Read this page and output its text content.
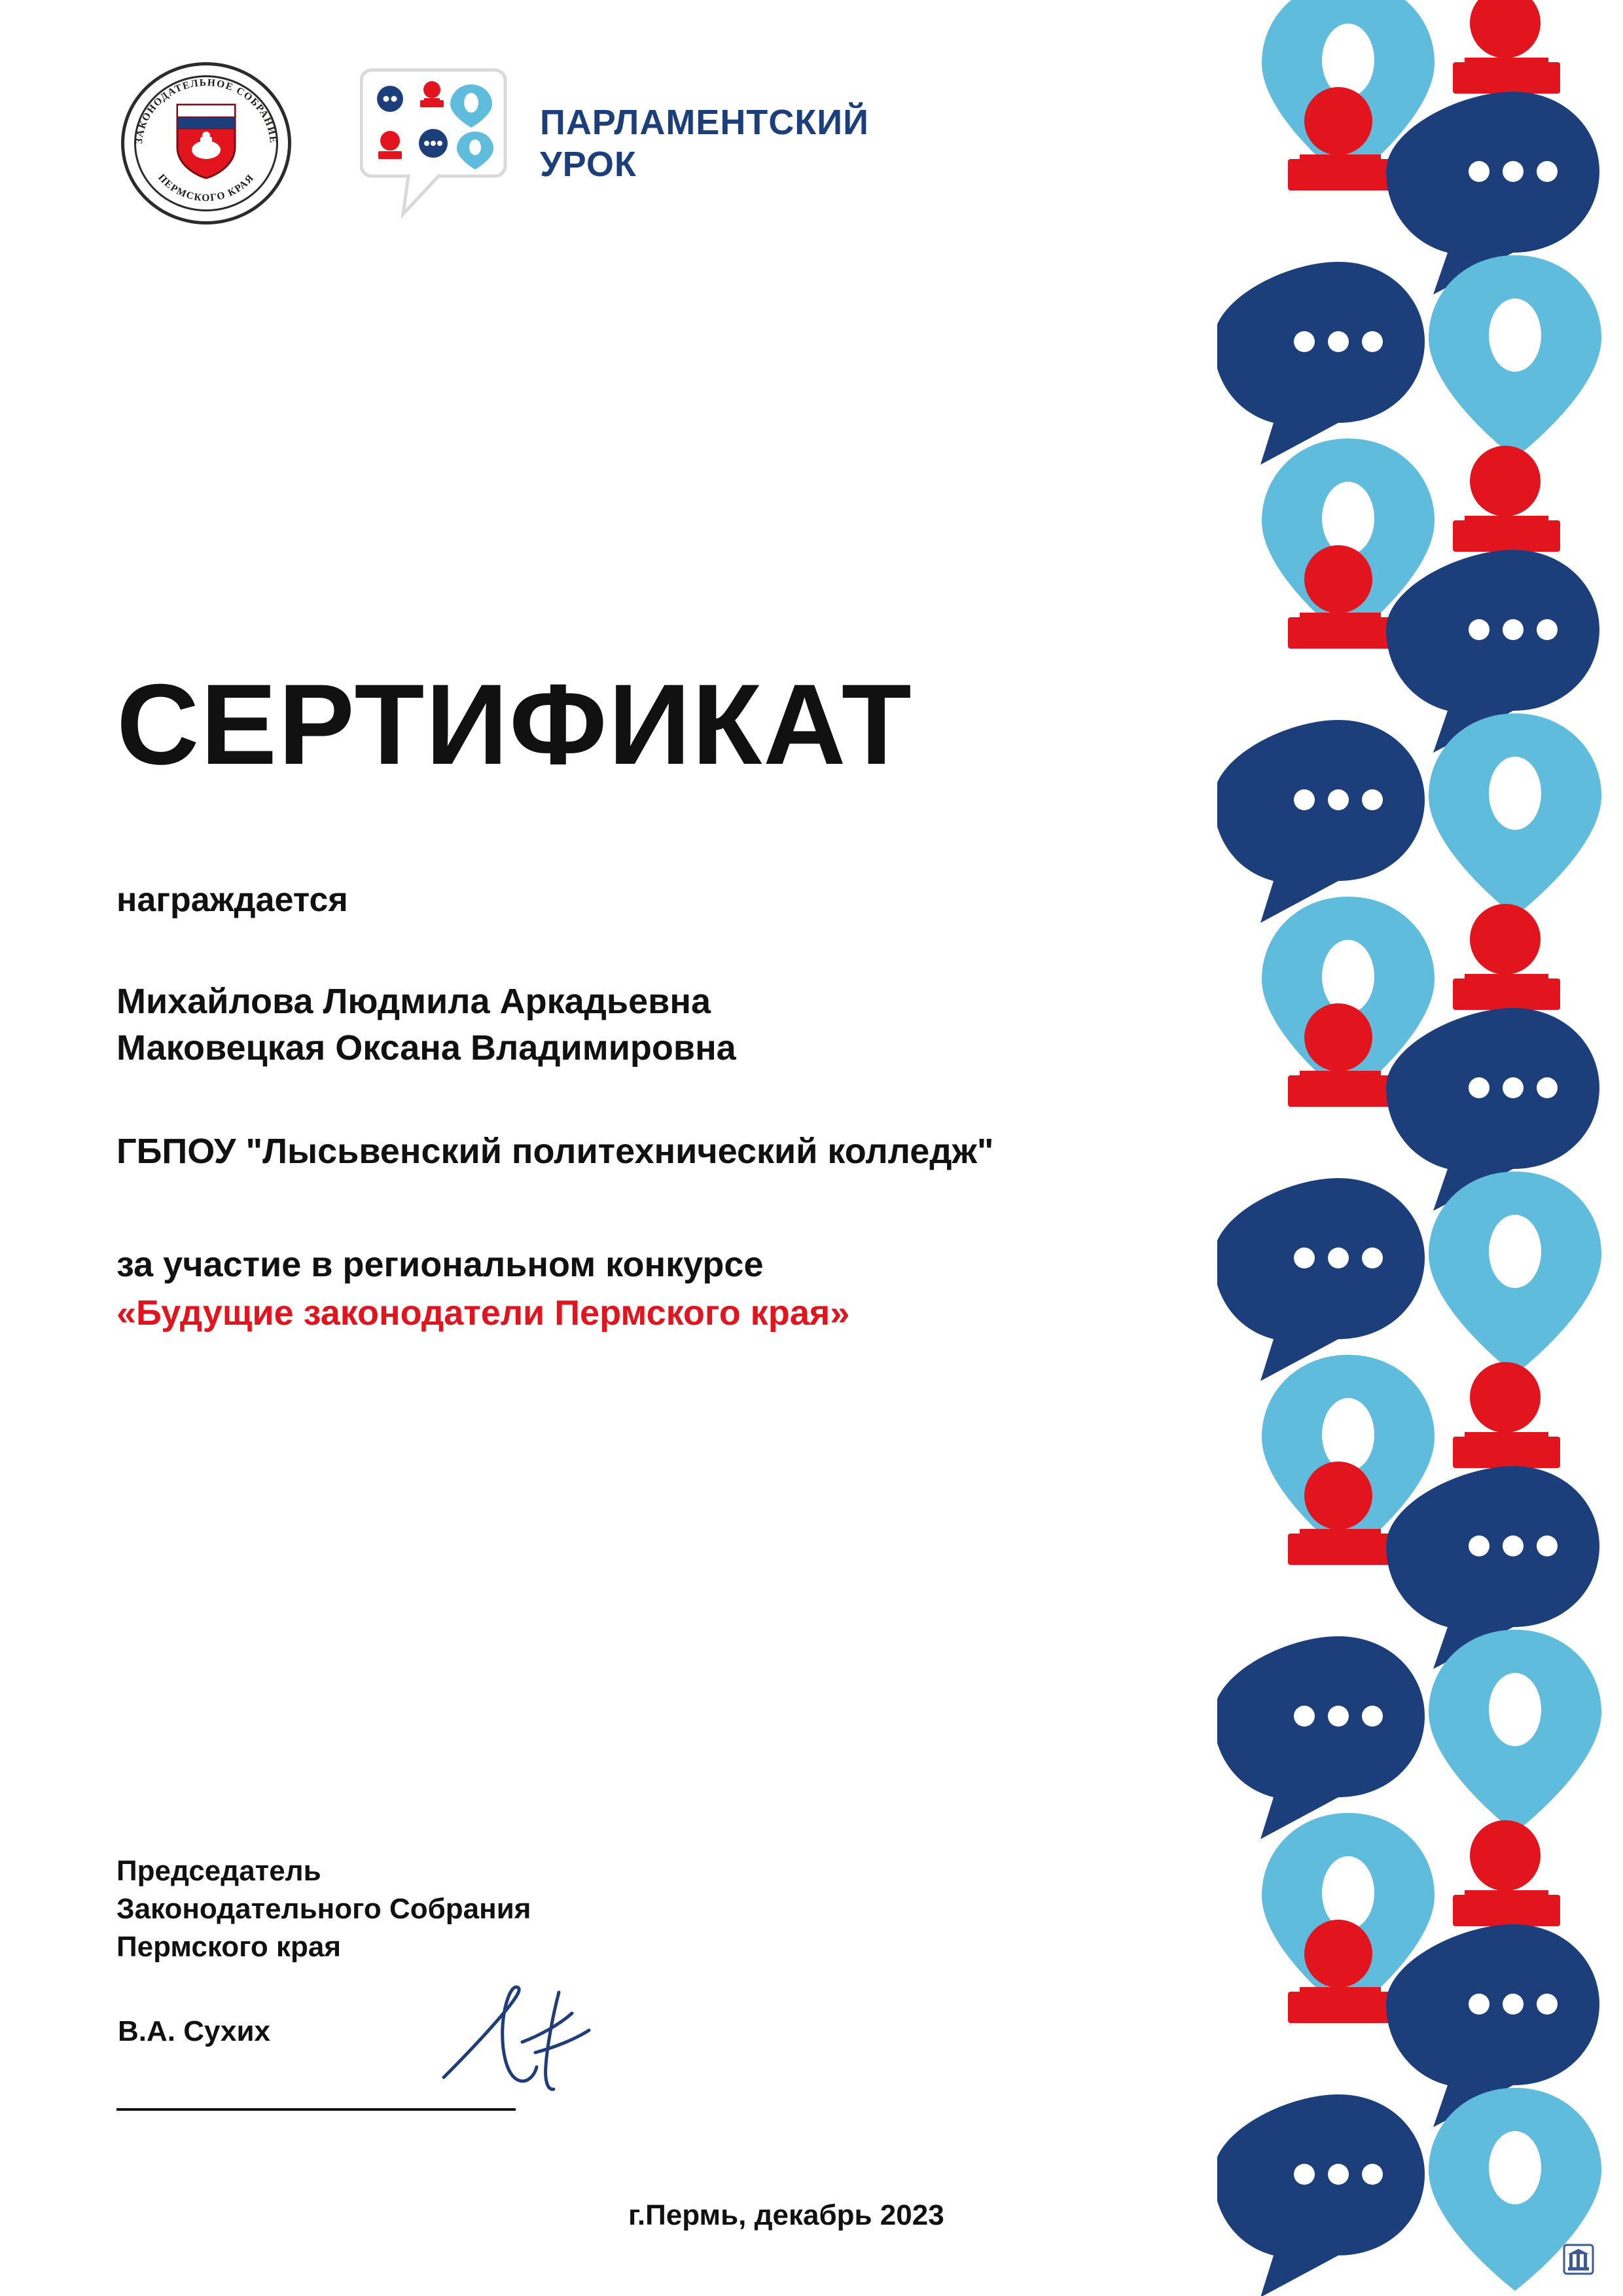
ЗАКОНОДАТЕЛЬНОЕ СОБРАНИЕ
ПЕРМСКОГО КРАЯ
ПАРЛАМЕНТСКИЙ
УРОК
СЕРТИФИКАТ
награждается
Михайлова Людмила Аркадьевна
Маковецкая Оксана Владимировна
ГБПОУ "Лысьвенский политехнический колледж"
за участие в региональном конкурсе
«Будущие законодатели Пермского края»
Председатель
Законодательного Собрания
Пермского края
В.А. Сухих
г.Пермь, декабрь 2023
